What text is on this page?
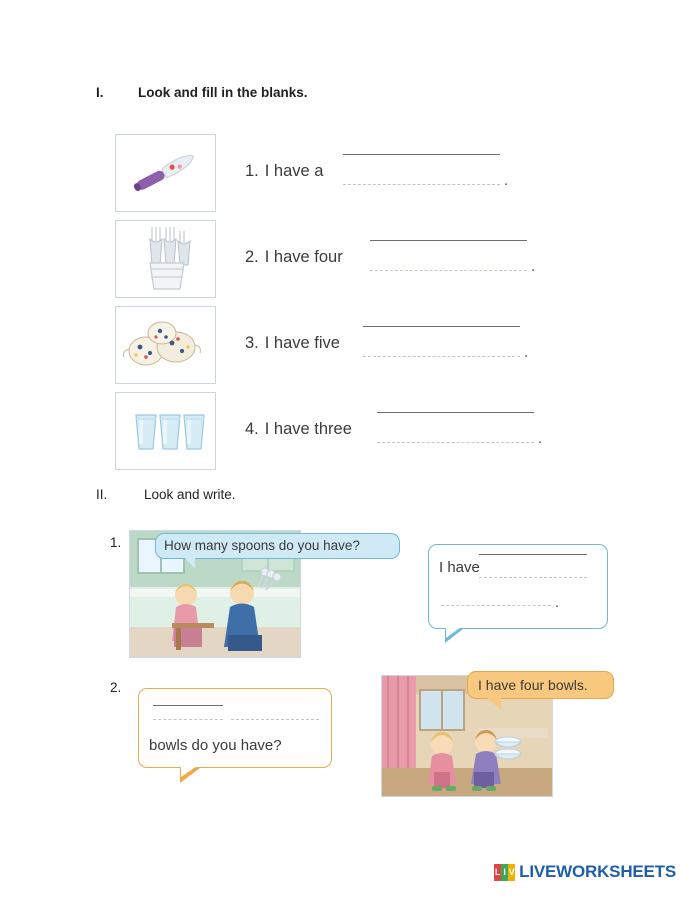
I.	Look and fill in the blanks.
1. I have a
.
2. I have four
.
3. I have five
.
4. I have three
.
II.	Look and write.
1.	How many spoons do you have?
I have
.
2.
bowls do you have?
I have four bowls.
L I V LIVEWORKSHEETS
